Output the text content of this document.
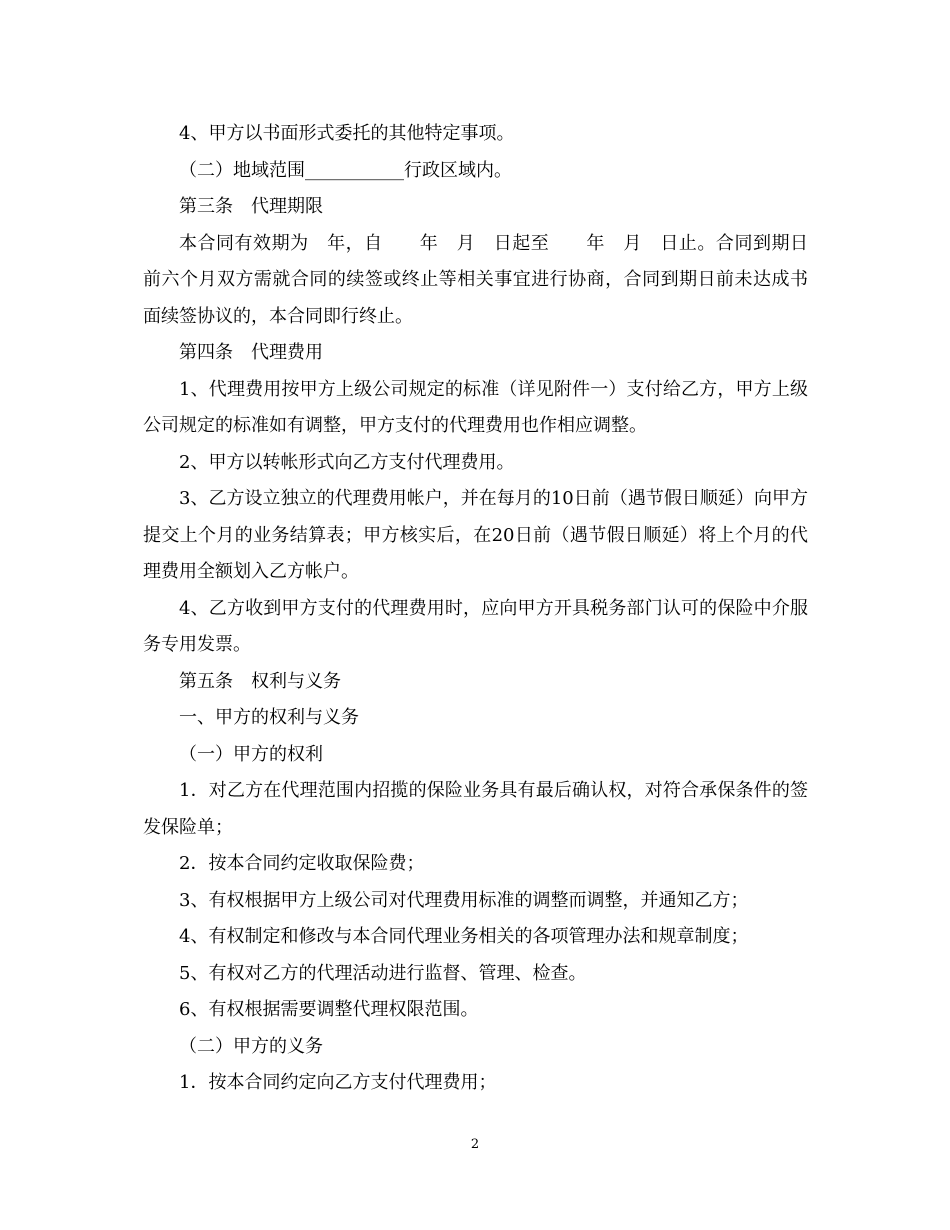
4、甲方以书面形式委托的其他特定事项。

（二）地域范围___________行政区域内。

第三条　代理期限

本合同有效期为　年，自　　年　月　日起至　　年　月　日止。合同到期日前六个月双方需就合同的续签或终止等相关事宜进行协商，合同到期日前未达成书面续签协议的，本合同即行终止。

第四条　代理费用

1、代理费用按甲方上级公司规定的标准（详见附件一）支付给乙方，甲方上级公司规定的标准如有调整，甲方支付的代理费用也作相应调整。

2、甲方以转帐形式向乙方支付代理费用。

3、乙方设立独立的代理费用帐户，并在每月的10日前（遇节假日顺延）向甲方提交上个月的业务结算表；甲方核实后，在20日前（遇节假日顺延）将上个月的代理费用全额划入乙方帐户。

4、乙方收到甲方支付的代理费用时，应向甲方开具税务部门认可的保险中介服务专用发票。

第五条　权利与义务

一、甲方的权利与义务

（一）甲方的权利

1．对乙方在代理范围内招揽的保险业务具有最后确认权，对符合承保条件的签发保险单；

2．按本合同约定收取保险费；

3、有权根据甲方上级公司对代理费用标准的调整而调整，并通知乙方；

4、有权制定和修改与本合同代理业务相关的各项管理办法和规章制度；

5、有权对乙方的代理活动进行监督、管理、检查。

6、有权根据需要调整代理权限范围。

（二）甲方的义务

1．按本合同约定向乙方支付代理费用；

2
